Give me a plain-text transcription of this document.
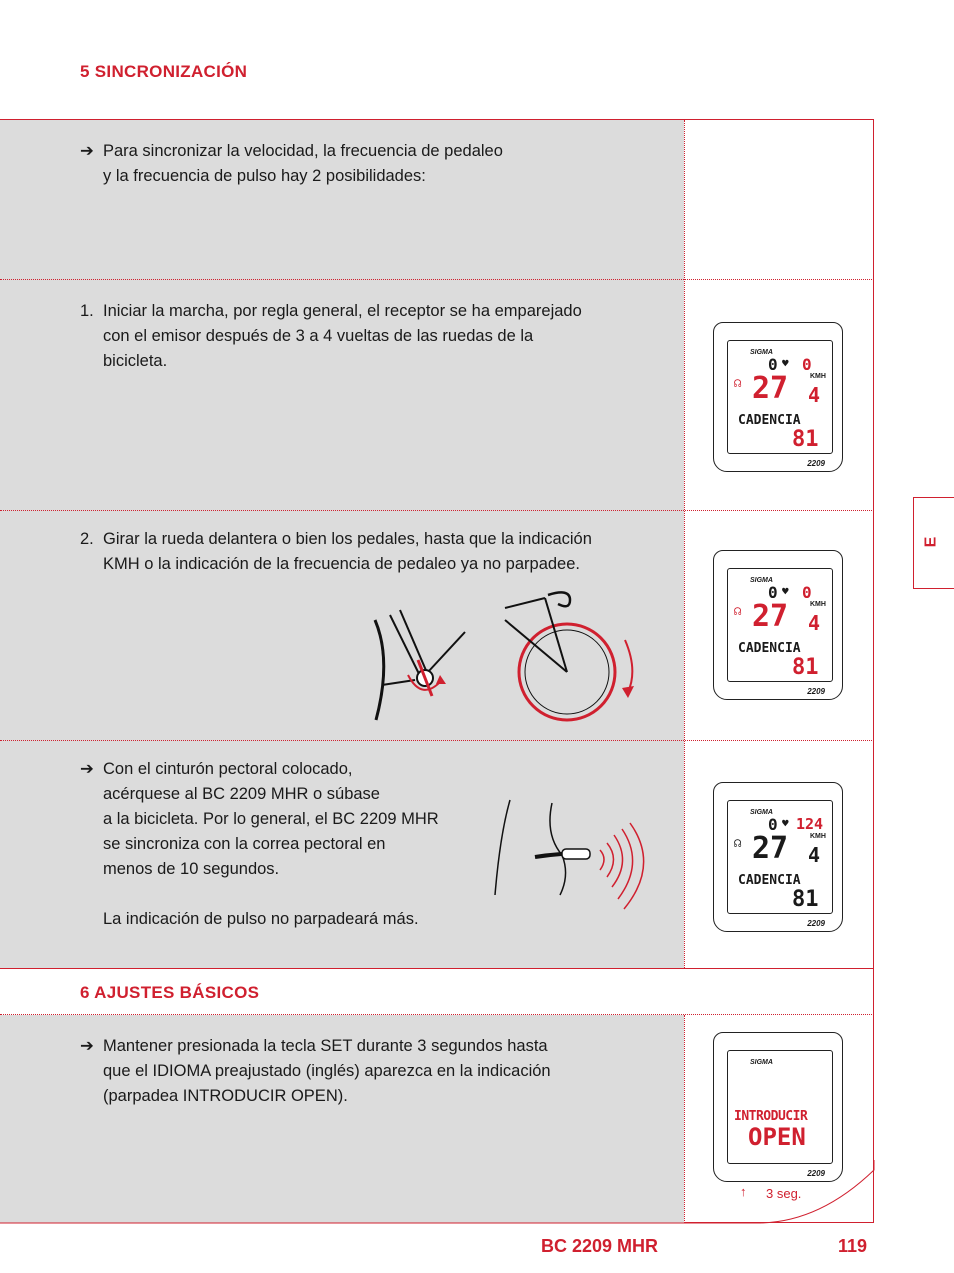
5 SINCRONIZACIÓN
➔ Para sincronizar la velocidad, la frecuencia de pedaleo
y la frecuencia de pulso hay 2 posibilidades:
1. Iniciar la marcha, por regla general, el receptor se ha emparejado
con el emisor después de 3 a 4 vueltas de las ruedas de la
bicicleta.
2. Girar la rueda delantera o bien los pedales, hasta que la indicación
KMH o la indicación de la frecuencia de pedaleo ya no parpadee.
➔ Con el cinturón pectoral colocado,
acérquese al BC 2209 MHR o súbase
a la bicicleta. Por lo general, el BC 2209 MHR
se sincroniza con la correa pectoral en
menos de 10 segundos.

La indicación de pulso no parpadeará más.
SIGMA
0 ♥ 0
☊ 27	KMH
4
CADENCIA
81
2209
SIGMA
0 ♥ 0
☊ 27	KMH
4
CADENCIA
81
2209
SIGMA
0 ♥ 124
☊ 27	KMH
4
CADENCIA
81
2209
6 AJUSTES BÁSICOS
➔ Mantener presionada la tecla SET durante 3 segundos hasta
que el IDIOMA preajustado (inglés) aparezca en la indicación
(parpadea INTRODUCIR OPEN).
SIGMA
INTRODUCIR
OPEN
2209
↑ 3 seg.
BC 2209 MHR	119
E
